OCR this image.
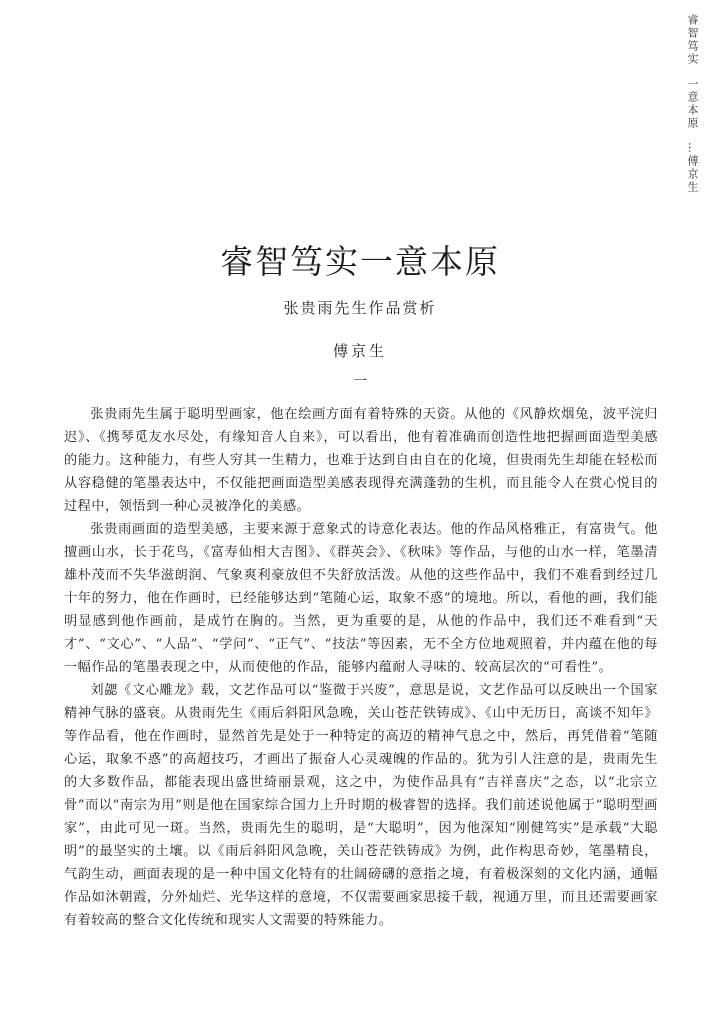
睿智笃实一意本原…傅京生
睿智笃实一意本原
张贵雨先生作品赏析
傅京生
一

张贵雨先生属于聪明型画家，他在绘画方面有着特殊的天资。从他的《风静炊烟兔，波平浣归迟》、《携琴觅友水尽处，有缘知音人自来》，可以看出，他有着准确而创造性地把握画面造型美感的能力。这种能力，有些人穷其一生精力，也难于达到自由自在的化境，但贵雨先生却能在轻松而从容稳健的笔墨表达中，不仅能把画面造型美感表现得充满蓬勃的生机，而且能令人在赏心悦目的过程中，领悟到一种心灵被净化的美感。

张贵雨画面的造型美感，主要来源于意象式的诗意化表达。他的作品风格雅正，有富贵气。他擅画山水，长于花鸟，《富寿仙相大吉图》、《群英会》、《秋味》等作品，与他的山水一样，笔墨清雄朴茂而不失华滋朗润、气象爽利豪放但不失舒放活泼。从他的这些作品中，我们不难看到经过几十年的努力，他在作画时，已经能够达到“笔随心运，取象不惑”的境地。所以，看他的画，我们能明显感到他作画前，是成竹在胸的。当然，更为重要的是，从他的作品中，我们还不难看到“天才”、“文心”、“人品”、“学问”、“正气”、“技法”等因素，无不全方位地观照着，并内蕴在他的每一幅作品的笔墨表现之中，从而使他的作品，能够内蕴耐人寻味的、较高层次的“可看性”。

刘勰《文心雕龙》载，文艺作品可以“鉴微于兴废”，意思是说，文艺作品可以反映出一个国家精神气脉的盛衰。从贵雨先生《雨后斜阳风急晚，关山苍茫铁铸成》、《山中无历日，高谈不知年》等作品看，他在作画时，显然首先是处于一种特定的高迈的精神气息之中，然后，再凭借着“笔随心运，取象不惑”的高超技巧，才画出了振奋人心灵魂魄的作品的。犹为引人注意的是，贵雨先生的大多数作品，都能表现出盛世绮丽景观，这之中，为使作品具有“吉祥喜庆”之态，以“北宗立骨”而以“南宗为用”则是他在国家综合国力上升时期的极睿智的选择。我们前述说他属于“聪明型画家”，由此可见一斑。当然，贵雨先生的聪明，是“大聪明”，因为他深知“刚健笃实”是承载“大聪明”的最坚实的土壤。以《雨后斜阳风急晚，关山苍茫铁铸成》为例，此作构思奇妙，笔墨精良，气韵生动，画面表现的是一种中国文化特有的壮阔磅礴的意指之境，有着极深刻的文化内涵，通幅作品如沐朝霞，分外灿烂、光华这样的意境，不仅需要画家思接千载，视通万里，而且还需要画家有着较高的整合文化传统和现实人文需要的特殊能力。
